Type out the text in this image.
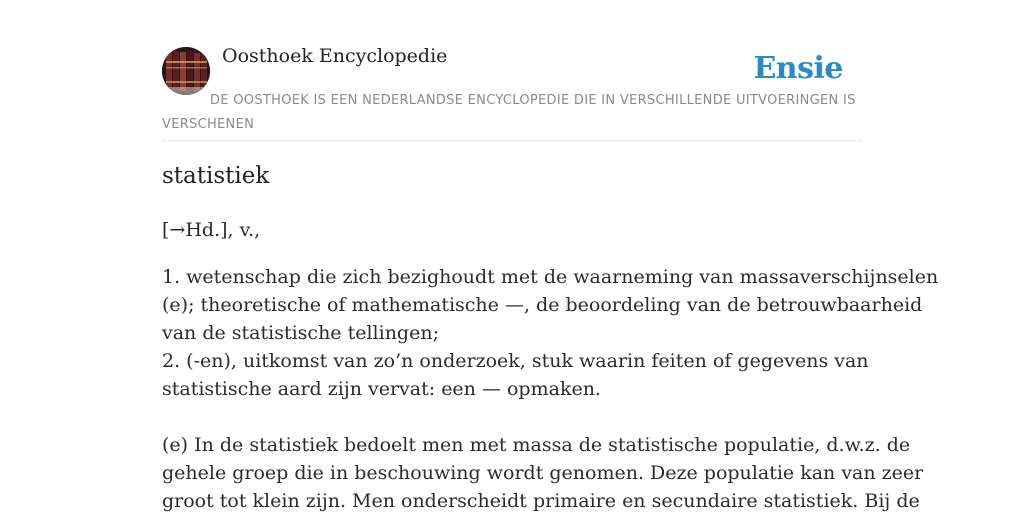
Oosthoek Encyclopedie	Ensie
DE OOSTHOEK IS EEN NEDERLANDSE ENCYCLOPEDIE DIE IN VERSCHILLENDE UITVOERINGEN IS VERSCHENEN
statistiek

[→Hd.], v.,

1. wetenschap die zich bezighoudt met de waarneming van massaverschijnselen
(e); theoretische of mathematische —, de beoordeling van de betrouwbaarheid
van de statistische tellingen;
2. (-en), uitkomst van zo’n onderzoek, stuk waarin feiten of gegevens van
statistische aard zijn vervat: een — opmaken.

(e) In de statistiek bedoelt men met massa de statistische populatie, d.w.z. de
gehele groep die in beschouwing wordt genomen. Deze populatie kan van zeer
groot tot klein zijn. Men onderscheidt primaire en secundaire statistiek. Bij de
